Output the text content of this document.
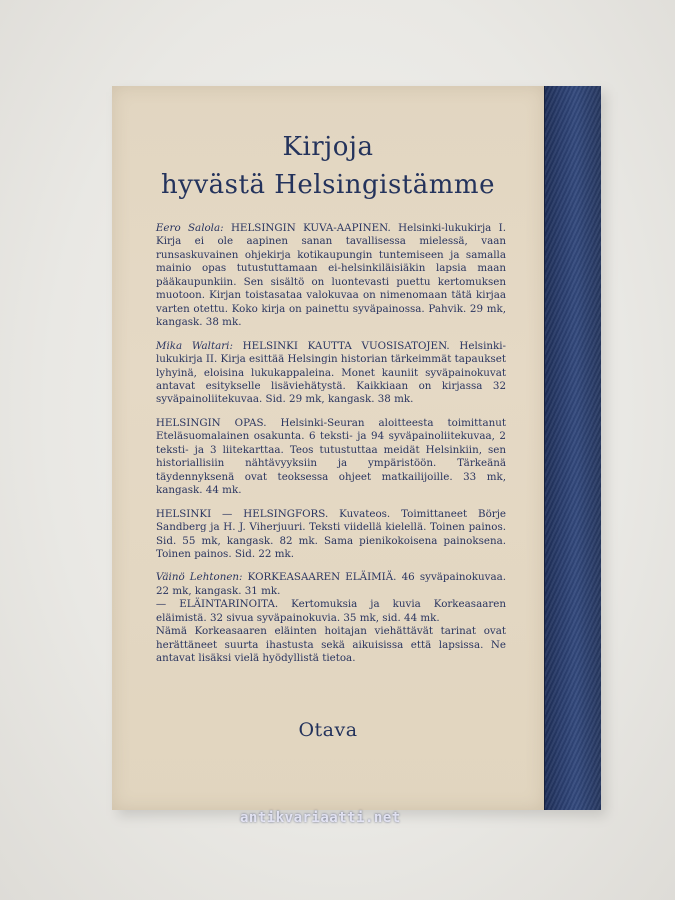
Kirjoja
hyvästä Helsingistämme

Eero Salola: HELSINGIN KUVA-AAPINEN. Helsinki-lukukirja I. Kirja ei ole aapinen sanan tavallisessa mielessä, vaan runsaskuvainen ohjekirja kotikaupungin tuntemiseen ja samalla mainio opas tutustuttamaan ei-helsinkiläisiäkin lapsia maan pääkaupunkiin. Sen sisältö on luontevasti puettu kertomuksen muotoon. Kirjan toistasataa valokuvaa on nimenomaan tätä kirjaa varten otettu. Koko kirja on painettu syväpainossa. Pahvik. 29 mk, kangask. 38 mk.

Mika Waltari: HELSINKI KAUTTA VUOSISATOJEN. Helsinki-lukukirja II. Kirja esittää Helsingin historian tärkeimmät tapaukset lyhyinä, eloisina lukukappaleina. Monet kauniit syväpainokuvat antavat esitykselle lisäviehätystä. Kaikkiaan on kirjassa 32 syväpainoliitekuvaa. Sid. 29 mk, kangask. 38 mk.

HELSINGIN OPAS. Helsinki-Seuran aloitteesta toimittanut Eteläsuomalainen osakunta. 6 teksti- ja 94 syväpainoliitekuvaa, 2 teksti- ja 3 liitekarttaa. Teos tutustuttaa meidät Helsinkiin, sen historiallisiin nähtävyyksiin ja ympäristöön. Tärkeänä täydennyksenä ovat teoksessa ohjeet matkailijoille. 33 mk, kangask. 44 mk.

HELSINKI — HELSINGFORS. Kuvateos. Toimittaneet Börje Sandberg ja H. J. Viherjuuri. Teksti viidellä kielellä. Toinen painos. Sid. 55 mk, kangask. 82 mk. Sama pienikokoisena painoksena. Toinen painos. Sid. 22 mk.

Väinö Lehtonen: KORKEASAAREN ELÄIMIÄ. 46 syväpainokuvaa. 22 mk, kangask. 31 mk.

— ELÄINTARINOITA. Kertomuksia ja kuvia Korkeasaaren eläimistä. 32 sivua syväpainokuvia. 35 mk, sid. 44 mk.

Nämä Korkeasaaren eläinten hoitajan viehättävät tarinat ovat herättäneet suurta ihastusta sekä aikuisissa että lapsissa. Ne antavat lisäksi vielä hyödyllistä tietoa.

Otava
antikvariaatti.net
